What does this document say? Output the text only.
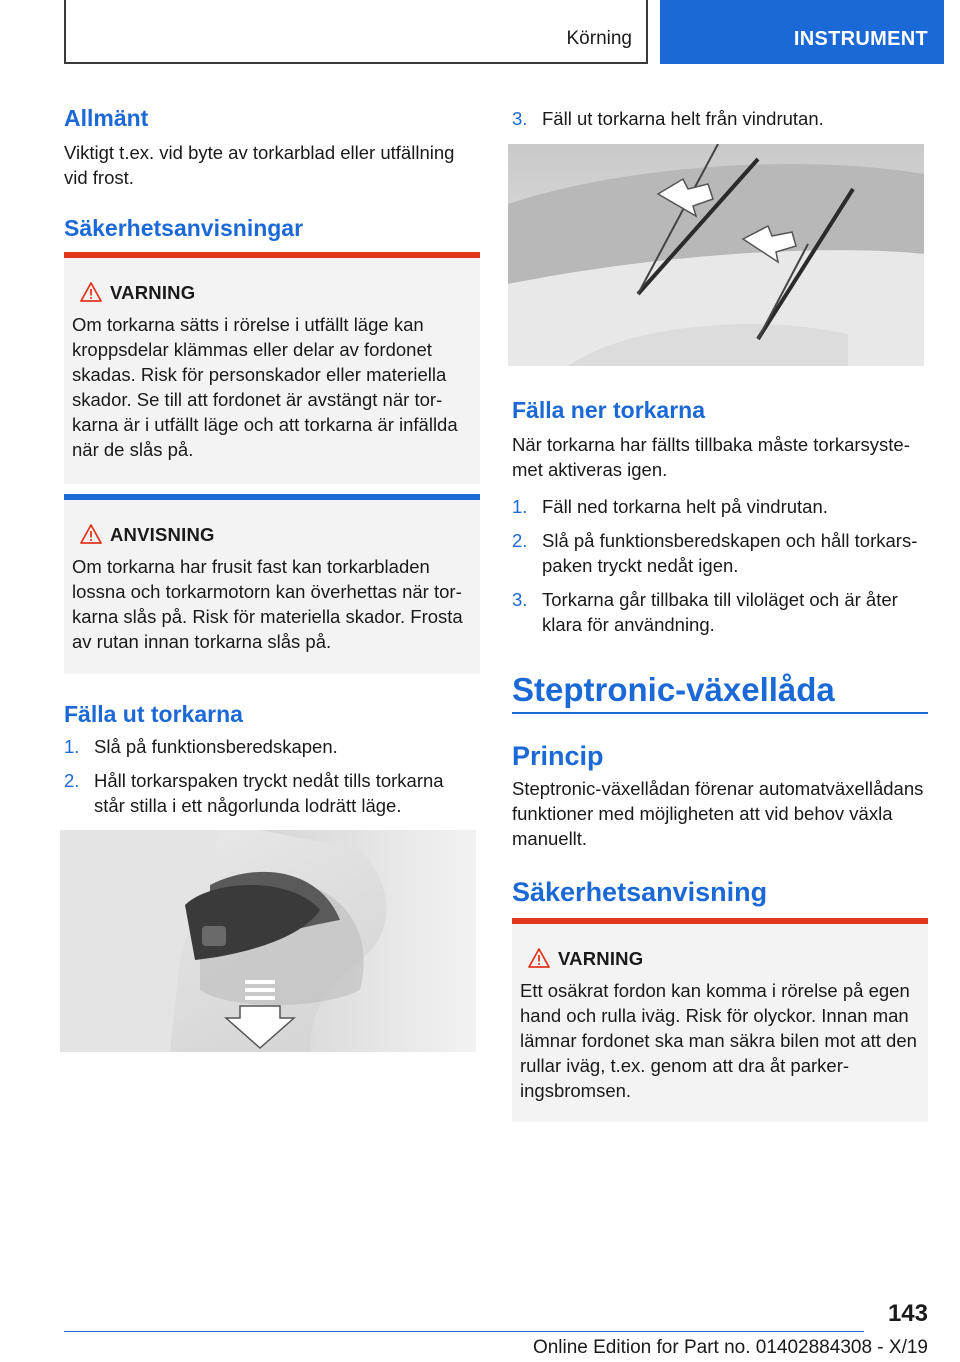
Körning	INSTRUMENT
Allmänt
Viktigt t.ex. vid byte av torkarblad eller utfällning vid frost.
Säkerhetsanvisningar
VARNING
Om torkarna sätts i rörelse i utfällt läge kan kroppsdelar klämmas eller delar av fordonet skadas. Risk för personskador eller materiella skador. Se till att fordonet är avstängt när torkarna är i utfällt läge och att torkarna är infällda när de slås på.
ANVISNING
Om torkarna har frusit fast kan torkarbladen lossna och torkarmotorn kan överhettas när torkarna slås på. Risk för materiella skador. Frosta av rutan innan torkarna slås på.
Fälla ut torkarna
1. Slå på funktionsberedskapen.
2. Håll torkarspaken tryckt nedåt tills torkarna står stilla i ett någorlunda lodrätt läge.
3. Fäll ut torkarna helt från vindrutan.
Fälla ner torkarna
När torkarna har fällts tillbaka måste torkarsystemet aktiveras igen.
1. Fäll ned torkarna helt på vindrutan.
2. Slå på funktionsberedskapen och håll torkarspaken tryckt nedåt igen.
3. Torkarna går tillbaka till viloläget och är åter klara för användning.
Steptronic-växellåda
Princip
Steptronic-växellådan förenar automatväxellådans funktioner med möjligheten att vid behov växla manuellt.
Säkerhetsanvisning
VARNING
Ett osäkrat fordon kan komma i rörelse på egen hand och rulla iväg. Risk för olyckor. Innan man lämnar fordonet ska man säkra bilen mot att den rullar iväg, t.ex. genom att dra åt parkeringsbromsen.
143
Online Edition for Part no. 01402884308 - X/19
